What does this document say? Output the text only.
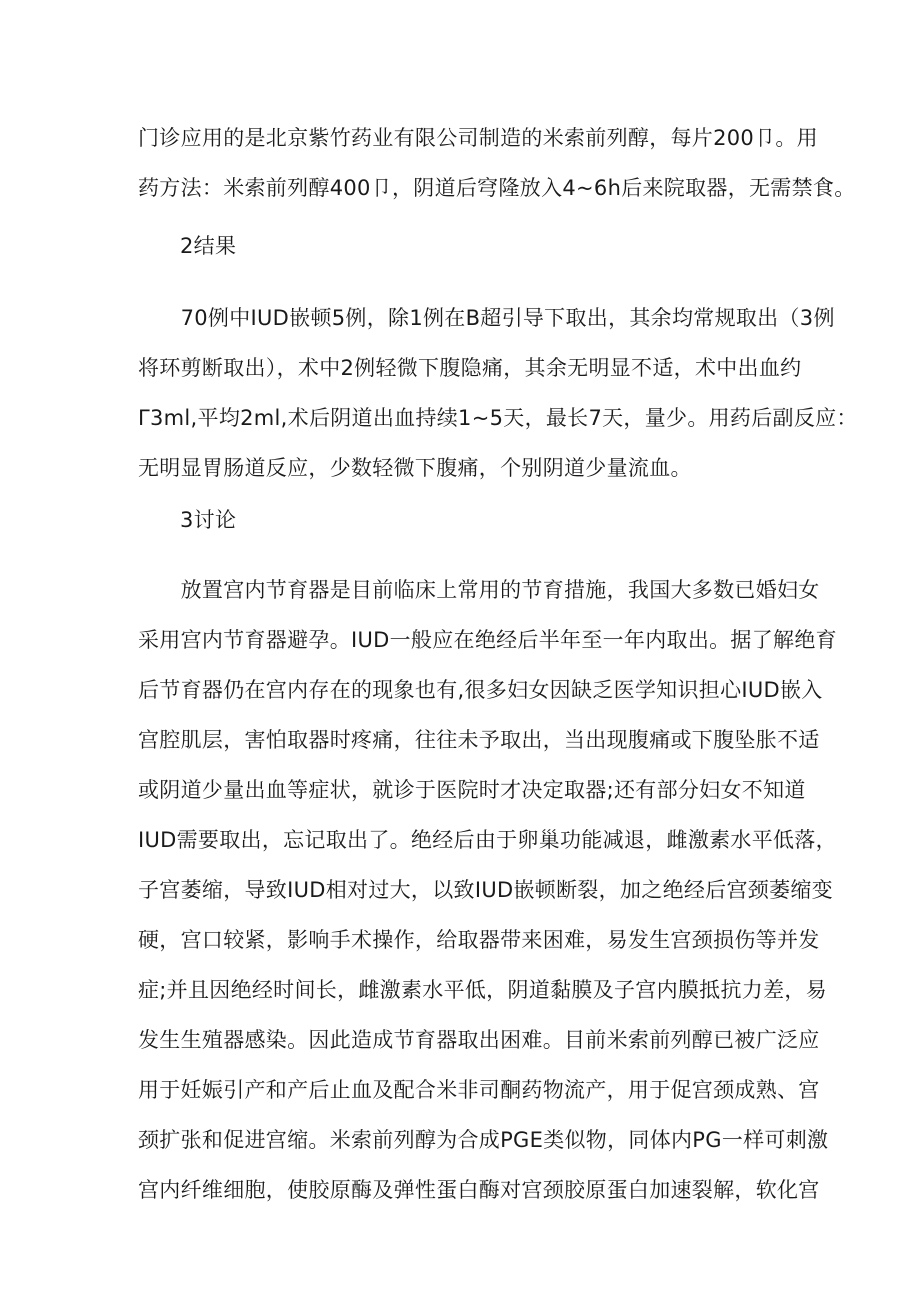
门诊应用的是北京紫竹药业有限公司制造的米索前列醇，每片200卩。用
药方法：米索前列醇400卩，阴道后穹隆放入4~6h后来院取器，无需禁食。
2结果
　　70例中IUD嵌顿5例，除1例在B超引导下取出，其余均常规取出（3例
将环剪断取出），术中2例轻微下腹隐痛，其余无明显不适，术中出血约
Γ3ml,平均2ml,术后阴道出血持续1~5天，最长7天，量少。用药后副反应：
无明显胃肠道反应，少数轻微下腹痛，个别阴道少量流血。
3讨论
　　放置宫内节育器是目前临床上常用的节育措施，我国大多数已婚妇女
采用宫内节育器避孕。IUD一般应在绝经后半年至一年内取出。据了解绝育
后节育器仍在宫内存在的现象也有,很多妇女因缺乏医学知识担心IUD嵌入
宫腔肌层，害怕取器时疼痛，往往未予取出，当出现腹痛或下腹坠胀不适
或阴道少量出血等症状，就诊于医院时才决定取器;还有部分妇女不知道
IUD需要取出，忘记取出了。绝经后由于卵巢功能减退，雌激素水平低落，
子宫萎缩，导致IUD相对过大，以致IUD嵌顿断裂，加之绝经后宫颈萎缩变
硬，宫口较紧，影响手术操作，给取器带来困难，易发生宫颈损伤等并发
症;并且因绝经时间长，雌激素水平低，阴道黏膜及子宫内膜抵抗力差，易
发生生殖器感染。因此造成节育器取出困难。目前米索前列醇已被广泛应
用于妊娠引产和产后止血及配合米非司酮药物流产，用于促宫颈成熟、宫
颈扩张和促进宫缩。米索前列醇为合成PGE类似物，同体内PG一样可刺激
宫内纤维细胞，使胶原酶及弹性蛋白酶对宫颈胶原蛋白加速裂解，软化宫
